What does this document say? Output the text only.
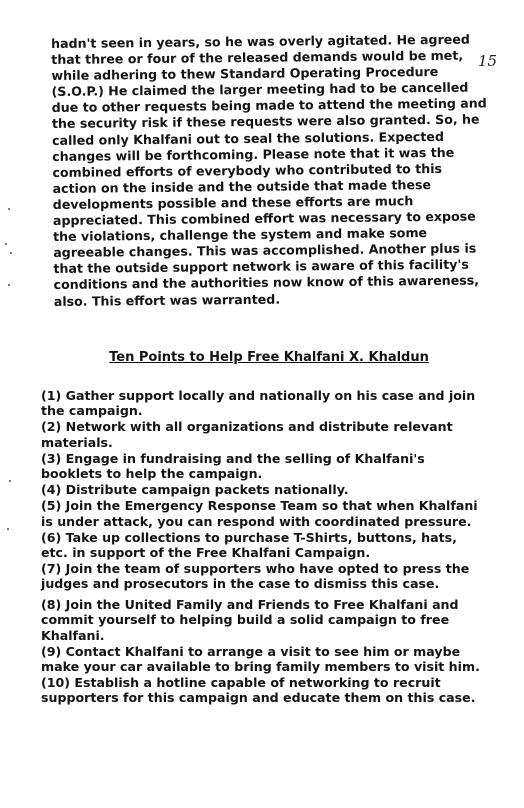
hadn't seen in years, so he was overly agitated. He agreed that three or four of the released demands would be met, while adhering to thew Standard Operating Procedure (S.O.P.) He claimed the larger meeting had to be cancelled due to other requests being made to attend the meeting and the security risk if these requests were also granted. So, he called only Khalfani out to seal the solutions. Expected changes will be forthcoming. Please note that it was the combined efforts of everybody who contributed to this action on the inside and the outside that made these developments possible and these efforts are much appreciated. This combined effort was necessary to expose the violations, challenge the system and make some agreeable changes. This was accomplished. Another plus is that the outside support network is aware of this facility's conditions and the authorities now know of this awareness, also. This effort was warranted.
15
Ten Points to Help Free Khalfani X. Khaldun
(1) Gather support locally and nationally on his case and join the campaign.
(2) Network with all organizations and distribute relevant materials.
(3) Engage in fundraising and the selling of Khalfani's booklets to help the campaign.
(4) Distribute campaign packets nationally.
(5) Join the Emergency Response Team so that when Khalfani is under attack, you can respond with coordinated pressure.
(6) Take up collections to purchase T-Shirts, buttons, hats, etc. in support of the Free Khalfani Campaign.
(7) Join the team of supporters who have opted to press the judges and prosecutors in the case to dismiss this case.
(8) Join the United Family and Friends to Free Khalfani and commit yourself to helping build a solid campaign to free Khalfani.
(9) Contact Khalfani to arrange a visit to see him or maybe make your car available to bring family members to visit him.
(10) Establish a hotline capable of networking to recruit supporters for this campaign and educate them on this case.
